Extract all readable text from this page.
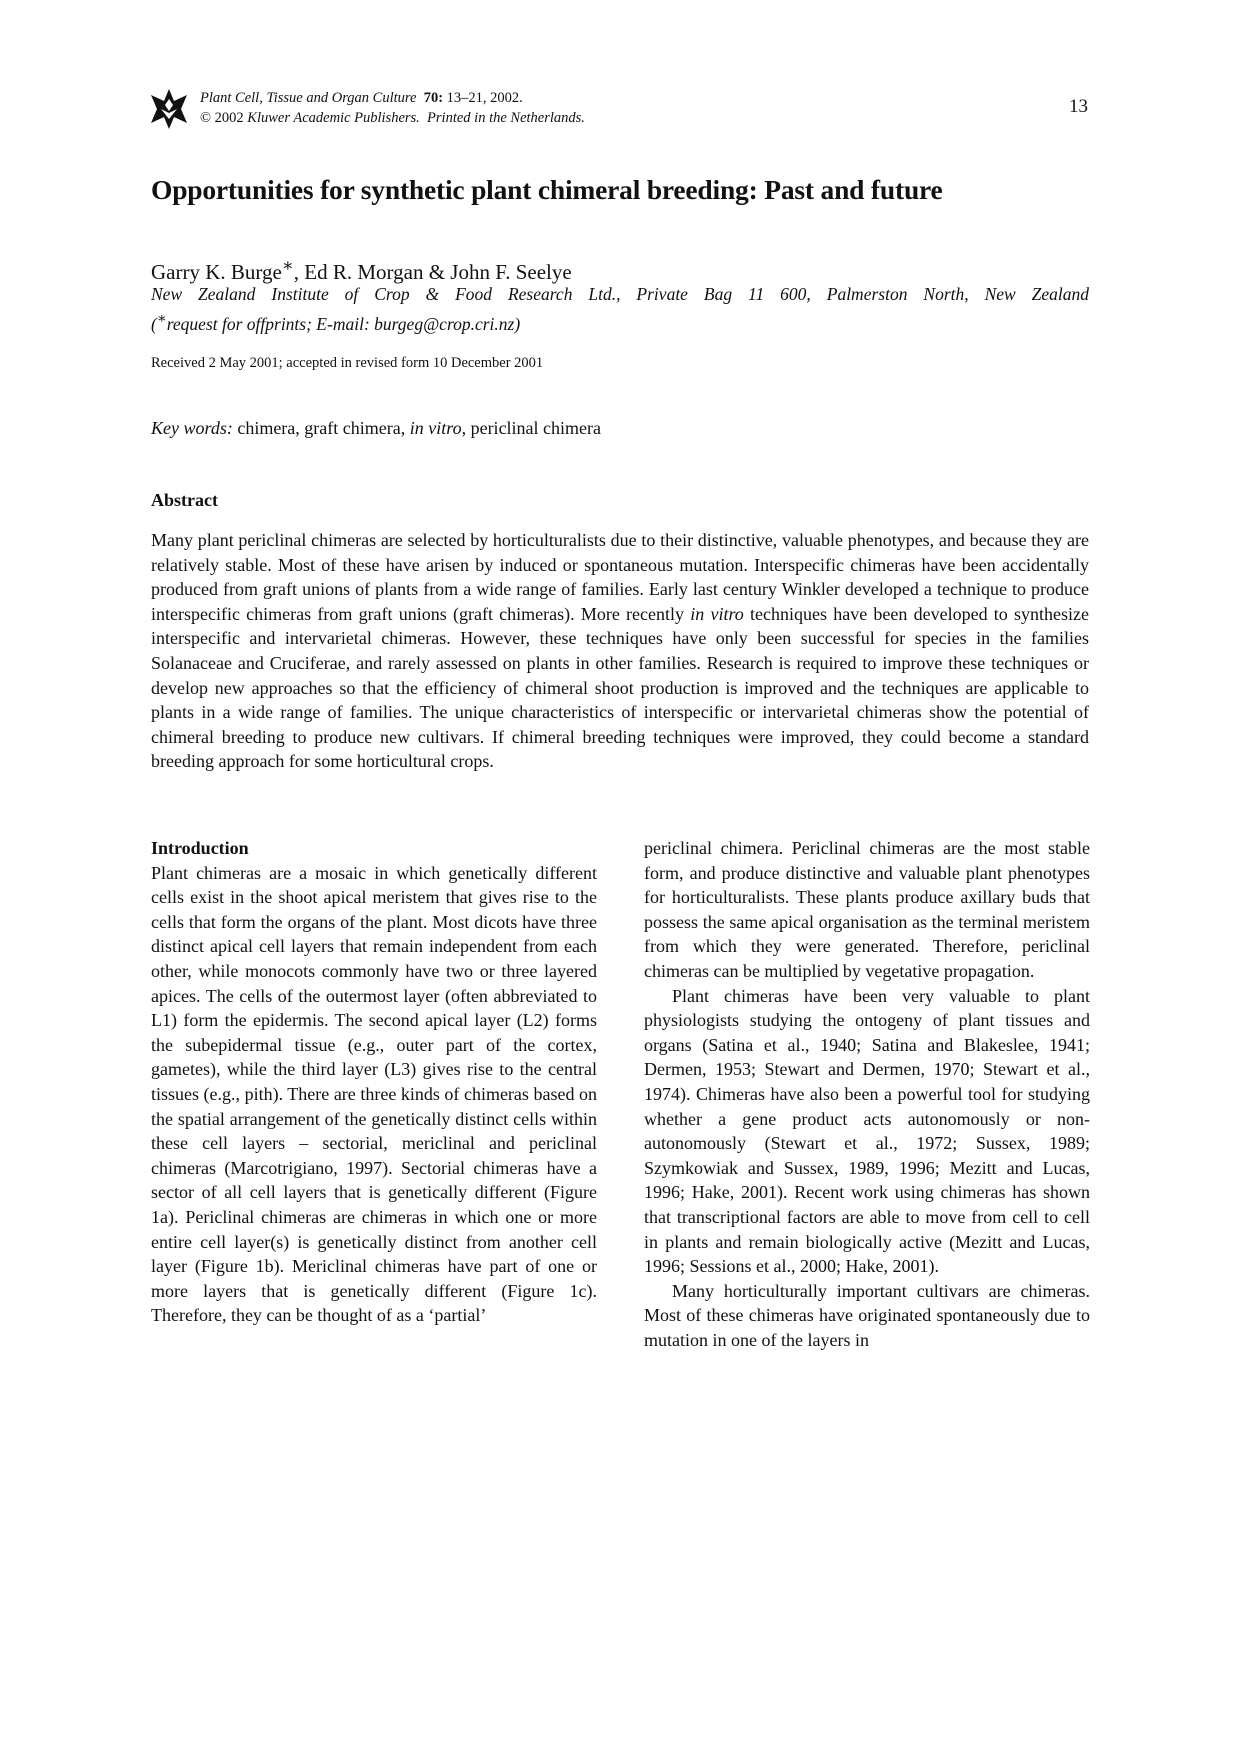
Plant Cell, Tissue and Organ Culture 70: 13–21, 2002.
© 2002 Kluwer Academic Publishers. Printed in the Netherlands.
13
Opportunities for synthetic plant chimeral breeding: Past and future
Garry K. Burge∗, Ed R. Morgan & John F. Seelye
New Zealand Institute of Crop & Food Research Ltd., Private Bag 11 600, Palmerston North, New Zealand
(∗request for offprints; E-mail: burgeg@crop.cri.nz)
Received 2 May 2001; accepted in revised form 10 December 2001
Key words: chimera, graft chimera, in vitro, periclinal chimera
Abstract

Many plant periclinal chimeras are selected by horticulturalists due to their distinctive, valuable phenotypes, and because they are relatively stable. Most of these have arisen by induced or spontaneous mutation. Interspecific chimeras have been accidentally produced from graft unions of plants from a wide range of families. Early last century Winkler developed a technique to produce interspecific chimeras from graft unions (graft chimeras). More recently in vitro techniques have been developed to synthesize interspecific and intervarietal chimeras. However, these techniques have only been successful for species in the families Solanaceae and Cruciferae, and rarely assessed on plants in other families. Research is required to improve these techniques or develop new approaches so that the efficiency of chimeral shoot production is improved and the techniques are applicable to plants in a wide range of families. The unique characteristics of interspecific or intervarietal chimeras show the potential of chimeral breeding to produce new cultivars. If chimeral breeding techniques were improved, they could become a standard breeding approach for some horticultural crops.

Introduction

Plant chimeras are a mosaic in which genetically different cells exist in the shoot apical meristem that gives rise to the cells that form the organs of the plant. Most dicots have three distinct apical cell layers that remain independent from each other, while monocots commonly have two or three layered apices. The cells of the outermost layer (often abbreviated to L1) form the epidermis. The second apical layer (L2) forms the subepidermal tissue (e.g., outer part of the cortex, gametes), while the third layer (L3) gives rise to the central tissues (e.g., pith). There are three kinds of chimeras based on the spatial arrangement of the genetically distinct cells within these cell layers – sectorial, mericlinal and periclinal chimeras (Marcotrigiano, 1997). Sectorial chimeras have a sector of all cell layers that is genetically different (Figure 1a). Periclinal chimeras are chimeras in which one or more entire cell layer(s) is genetically distinct from another cell layer (Figure 1b). Mericlinal chimeras have part of one or more layers that is genetically different (Figure 1c). Therefore, they can be thought of as a ‘partial’

periclinal chimera. Periclinal chimeras are the most stable form, and produce distinctive and valuable plant phenotypes for horticulturalists. These plants produce axillary buds that possess the same apical organisation as the terminal meristem from which they were generated. Therefore, periclinal chimeras can be multiplied by vegetative propagation.

Plant chimeras have been very valuable to plant physiologists studying the ontogeny of plant tissues and organs (Satina et al., 1940; Satina and Blakeslee, 1941; Dermen, 1953; Stewart and Dermen, 1970; Stewart et al., 1974). Chimeras have also been a powerful tool for studying whether a gene product acts autonomously or non-autonomously (Stewart et al., 1972; Sussex, 1989; Szymkowiak and Sussex, 1989, 1996; Mezitt and Lucas, 1996; Hake, 2001). Recent work using chimeras has shown that transcriptional factors are able to move from cell to cell in plants and remain biologically active (Mezitt and Lucas, 1996; Sessions et al., 2000; Hake, 2001).

Many horticulturally important cultivars are chimeras. Most of these chimeras have originated spontaneously due to mutation in one of the layers in
